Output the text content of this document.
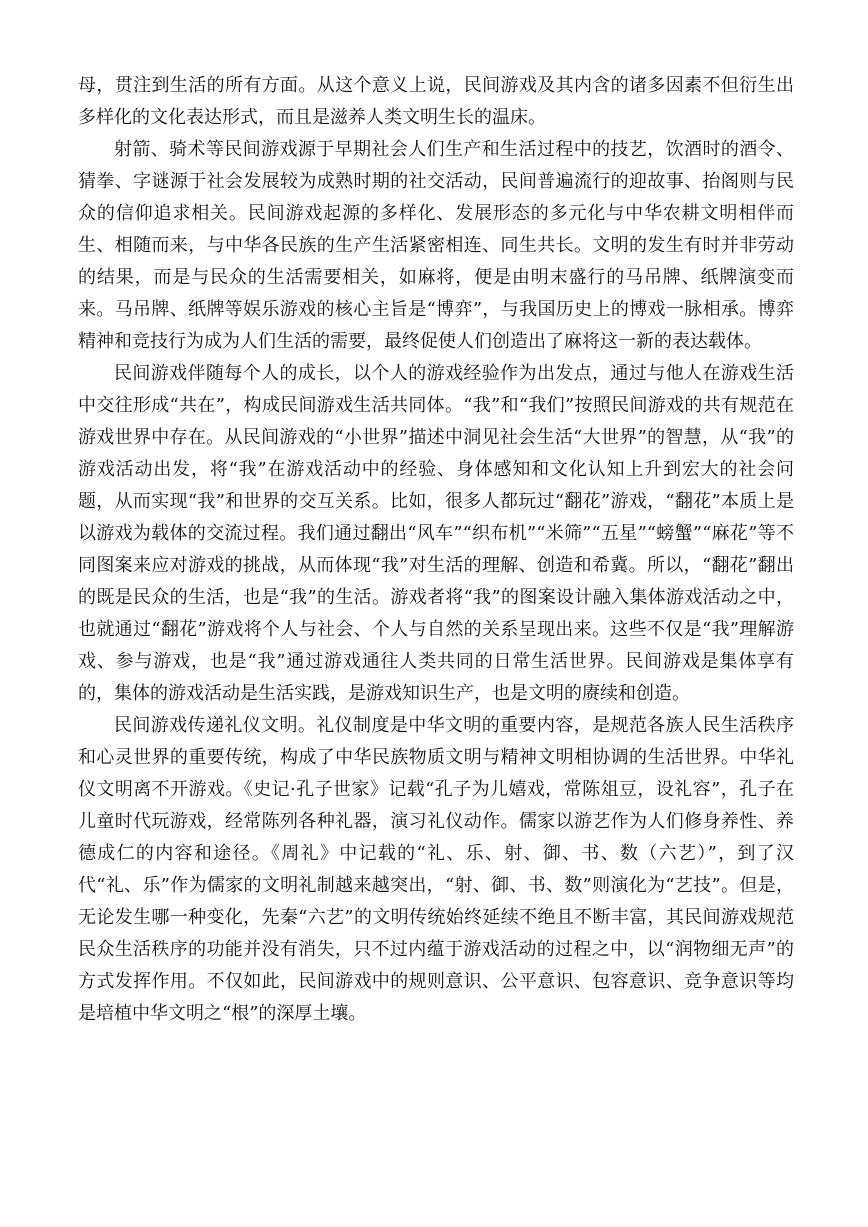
母，贯注到生活的所有方面。从这个意义上说，民间游戏及其内含的诸多因素不但衍生出多样化的文化表达形式，而且是滋养人类文明生长的温床。

射箭、骑术等民间游戏源于早期社会人们生产和生活过程中的技艺，饮酒时的酒令、猜拳、字谜源于社会发展较为成熟时期的社交活动，民间普遍流行的迎故事、抬阁则与民众的信仰追求相关。民间游戏起源的多样化、发展形态的多元化与中华农耕文明相伴而生、相随而来，与中华各民族的生产生活紧密相连、同生共长。文明的发生有时并非劳动的结果，而是与民众的生活需要相关，如麻将，便是由明末盛行的马吊牌、纸牌演变而来。马吊牌、纸牌等娱乐游戏的核心主旨是“博弈”，与我国历史上的博戏一脉相承。博弈精神和竞技行为成为人们生活的需要，最终促使人们创造出了麻将这一新的表达载体。

民间游戏伴随每个人的成长，以个人的游戏经验作为出发点，通过与他人在游戏生活中交往形成“共在”，构成民间游戏生活共同体。“我”和“我们”按照民间游戏的共有规范在游戏世界中存在。从民间游戏的“小世界”描述中洞见社会生活“大世界”的智慧，从“我”的游戏活动出发，将“我”在游戏活动中的经验、身体感知和文化认知上升到宏大的社会问题，从而实现“我”和世界的交互关系。比如，很多人都玩过“翻花”游戏，“翻花”本质上是以游戏为载体的交流过程。我们通过翻出“风车”“织布机”“米筛”“五星”“螃蟹”“麻花”等不同图案来应对游戏的挑战，从而体现“我”对生活的理解、创造和希冀。所以，“翻花”翻出的既是民众的生活，也是“我”的生活。游戏者将“我”的图案设计融入集体游戏活动之中，也就通过“翻花”游戏将个人与社会、个人与自然的关系呈现出来。这些不仅是“我”理解游戏、参与游戏，也是“我”通过游戏通往人类共同的日常生活世界。民间游戏是集体享有的，集体的游戏活动是生活实践，是游戏知识生产，也是文明的赓续和创造。

民间游戏传递礼仪文明。礼仪制度是中华文明的重要内容，是规范各族人民生活秩序和心灵世界的重要传统，构成了中华民族物质文明与精神文明相协调的生活世界。中华礼仪文明离不开游戏。《史记·孔子世家》记载“孔子为儿嬉戏，常陈俎豆，设礼容”，孔子在儿童时代玩游戏，经常陈列各种礼器，演习礼仪动作。儒家以游艺作为人们修身养性、养德成仁的内容和途径。《周礼》中记载的“礼、乐、射、御、书、数（六艺）”，到了汉代“礼、乐”作为儒家的文明礼制越来越突出，“射、御、书、数”则演化为“艺技”。但是，无论发生哪一种变化，先秦“六艺”的文明传统始终延续不绝且不断丰富，其民间游戏规范民众生活秩序的功能并没有消失，只不过内蕴于游戏活动的过程之中，以“润物细无声”的方式发挥作用。不仅如此，民间游戏中的规则意识、公平意识、包容意识、竞争意识等均是培植中华文明之“根”的深厚土壤。
